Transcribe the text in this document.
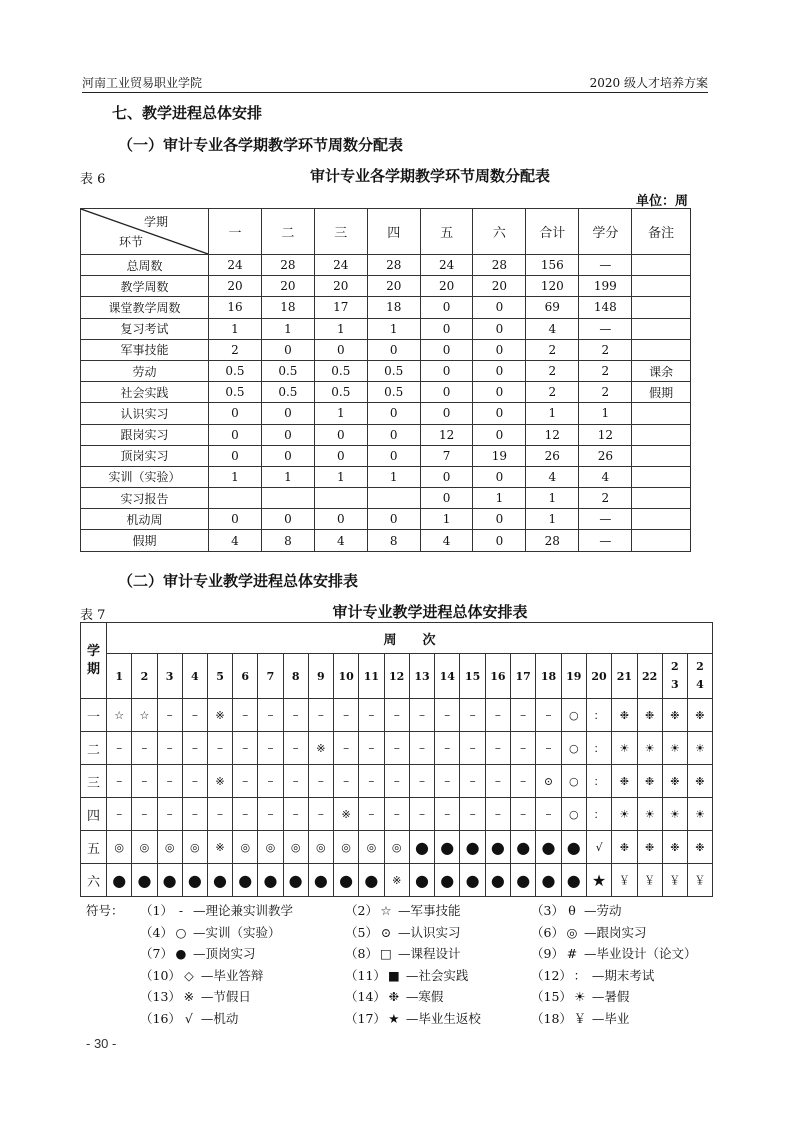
河南工业贸易职业学院	2020 级人才培养方案
七、教学进程总体安排
（一）审计专业各学期教学环节周数分配表
表 6	审计专业各学期教学环节周数分配表
单位：周
学期
环节	一	二	三	四	五	六	合计	学分	备注
总周数	24	28	24	28	24	28	156	—	
教学周数	20	20	20	20	20	20	120	199	
课堂教学周数	16	18	17	18	0	0	69	148	
复习考试	1	1	1	1	0	0	4	—	
军事技能	2	0	0	0	0	0	2	2	
劳动	0.5	0.5	0.5	0.5	0	0	2	2	课余
社会实践	0.5	0.5	0.5	0.5	0	0	2	2	假期
认识实习	0	0	1	0	0	0	1	1	
跟岗实习	0	0	0	0	12	0	12	12	
顶岗实习	0	0	0	0	7	19	26	26	
实训（实验）	1	1	1	1	0	0	4	4	
实习报告					0	1	1	2	
机动周	0	0	0	0	1	0	1	—	
假期	4	8	4	8	4	0	28	—	
（二）审计专业教学进程总体安排表
表 7	审计专业教学进程总体安排表
学期	周　　次																							
	1	2	3	4	5	6	7	8	9	10	11	12	13	14	15	16	17	18	19	20	21	22	23	24
一	☆	☆	–	–	※	–	–	–	–	–	–	–	–	–	–	–	–	–	○	：	❉	❉	❉	❉
二	–	–	–	–	–	–	–	–	※	–	–	–	–	–	–	–	–	–	○	：	☀	☀	☀	☀
三	–	–	–	–	※	–	–	–	–	–	–	–	–	–	–	–	–	⊙	○	：	❉	❉	❉	❉
四	–	–	–	–	–	–	–	–	–	※	–	–	–	–	–	–	–	–	○	：	☀	☀	☀	☀
五	◎	◎	◎	◎	※	◎	◎	◎	◎	◎	◎	◎	●	●	●	●	●	●	●	√	❉	❉	❉	❉
六	●	●	●	●	●	●	●	●	●	●	●	※	●	●	●	●	●	●	●	★	￥	￥	￥	￥
符号： （1） - —理论兼实训教学	（2） ☆ —军事技能	（3） θ —劳动
（4） ○ —实训（实验）	（5） ⊙ —认识实习	（6） ◎ —跟岗实习
（7） ● —顶岗实习	（8） □ —课程设计	（9） # —毕业设计（论文）
（10） ◇ —毕业答辩	（11） ■ —社会实践	（12） ： —期末考试
（13） ※ —节假日	（14） ❉ —寒假	（15） ☀ —暑假
（16） √ —机动	（17） ★ —毕业生返校	（18） ￥ —毕业
- 30 -
